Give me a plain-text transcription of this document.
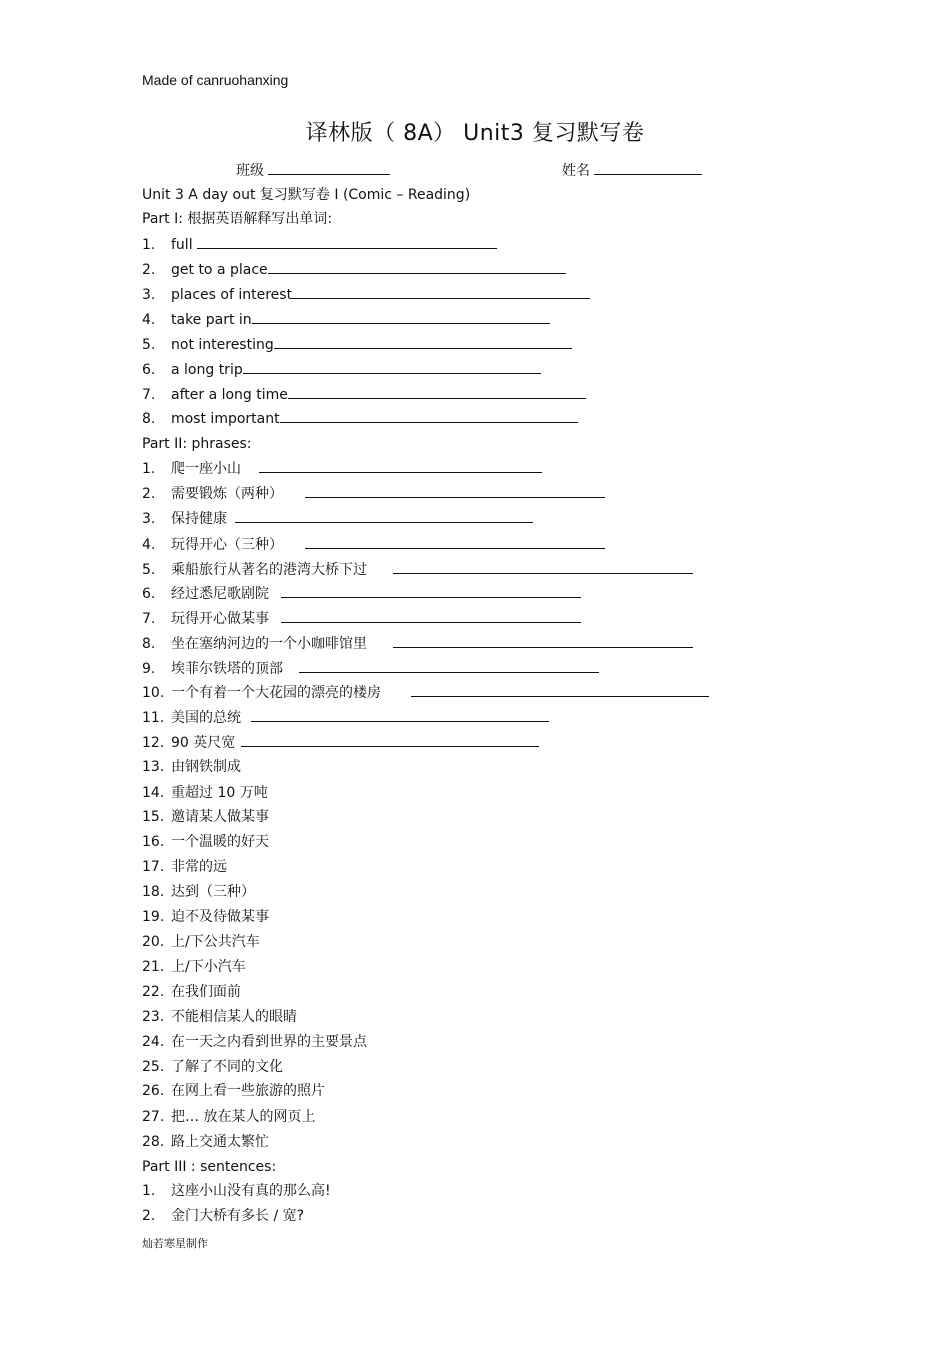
Made of canruohanxing
译林版（ 8A） Unit3 复习默写卷
班级	姓名
Unit 3 A day out 复习默写卷 I (Comic – Reading)
Part I: 根据英语解释写出单词:
1. full
2. get to a place
3. places of interest
4. take part in
5. not interesting
6. a long trip
7. after a long time
8. most important
Part II: phrases:
1. 爬一座小山
2. 需要锻炼（两种）
3. 保持健康
4. 玩得开心（三种）
5. 乘船旅行从著名的港湾大桥下过
6. 经过悉尼歌剧院
7. 玩得开心做某事
8. 坐在塞纳河边的一个小咖啡馆里
9. 埃菲尔铁塔的顶部
10. 一个有着一个大花园的漂亮的楼房
11. 美国的总统
12. 90 英尺宽
13. 由钢铁制成
14. 重超过 10 万吨
15. 邀请某人做某事
16. 一个温暖的好天
17. 非常的远
18. 达到（三种）
19. 迫不及待做某事
20. 上/下公共汽车
21. 上/下小汽车
22. 在我们面前
23. 不能相信某人的眼睛
24. 在一天之内看到世界的主要景点
25. 了解了不同的文化
26. 在网上看一些旅游的照片
27. 把… 放在某人的网页上
28. 路上交通太繁忙
Part III : sentences:
1. 这座小山没有真的那么高!
2. 金门大桥有多长 / 宽?
灿若寒星制作
